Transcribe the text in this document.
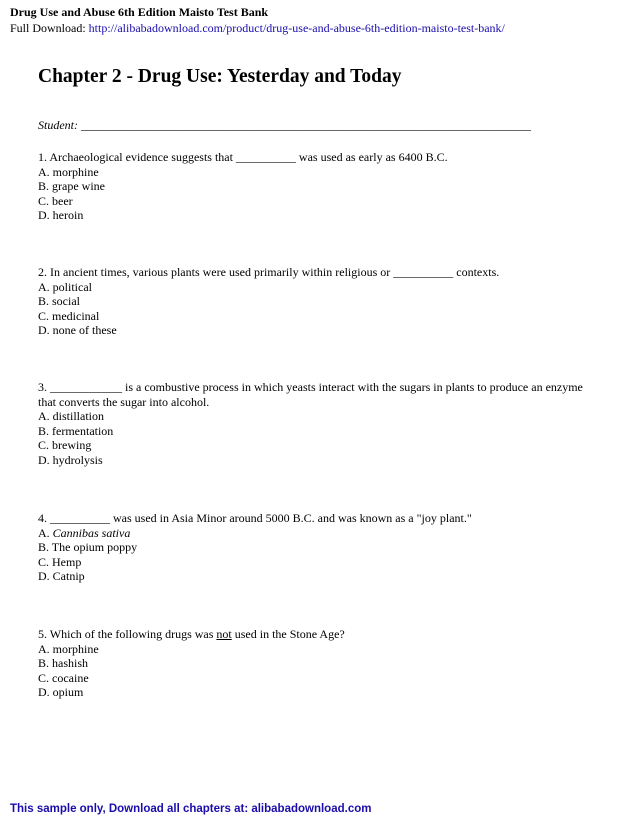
Drug Use and Abuse 6th Edition Maisto Test Bank
Full Download: http://alibabadownload.com/product/drug-use-and-abuse-6th-edition-maisto-test-bank/
Chapter 2 - Drug Use: Yesterday and Today
Student: ___________________________________________________________________________
1. Archaeological evidence suggests that __________ was used as early as 6400 B.C.
A. morphine
B. grape wine
C. beer
D. heroin
2. In ancient times, various plants were used primarily within religious or __________ contexts.
A. political
B. social
C. medicinal
D. none of these
3. ____________ is a combustive process in which yeasts interact with the sugars in plants to produce an enzyme that converts the sugar into alcohol.
A. distillation
B. fermentation
C. brewing
D. hydrolysis
4. __________ was used in Asia Minor around 5000 B.C. and was known as a "joy plant."
A. Cannibas sativa
B. The opium poppy
C. Hemp
D. Catnip
5. Which of the following drugs was not used in the Stone Age?
A. morphine
B. hashish
C. cocaine
D. opium
This sample only, Download all chapters at: alibabadownload.com
